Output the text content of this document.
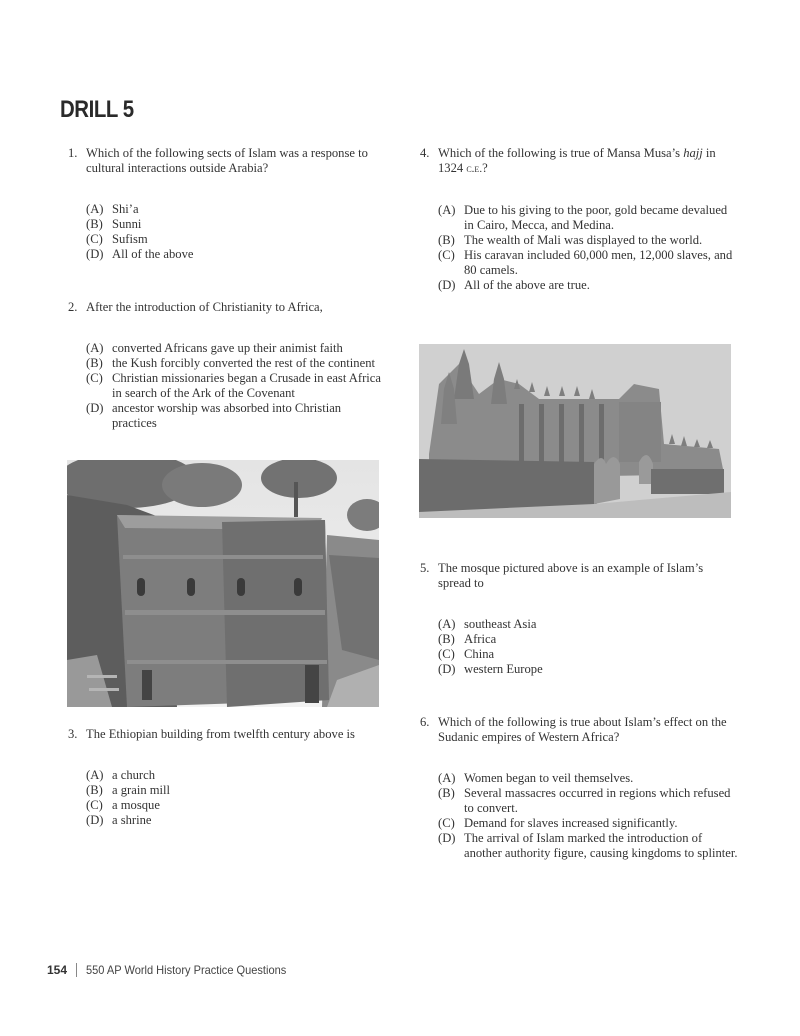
DRILL 5
1. Which of the following sects of Islam was a response to
cultural interactions outside Arabia?
(A) Shi’a
(B) Sunni
(C) Sufism
(D) All of the above
2. After the introduction of Christianity to Africa,
(A) converted Africans gave up their animist faith
(B) the Kush forcibly converted the rest of the continent
(C) Christian missionaries began a Crusade in east Africa
in search of the Ark of the Covenant
(D) ancestor worship was absorbed into Christian
practices
3. The Ethiopian building from twelfth century above is
(A) a church
(B) a grain mill
(C) a mosque
(D) a shrine
4. Which of the following is true of Mansa Musa’s hajj in
1324 c.e.?
(A) Due to his giving to the poor, gold became devalued
in Cairo, Mecca, and Medina.
(B) The wealth of Mali was displayed to the world.
(C) His caravan included 60,000 men, 12,000 slaves, and
80 camels.
(D) All of the above are true.
5. The mosque pictured above is an example of Islam’s
spread to
(A) southeast Asia
(B) Africa
(C) China
(D) western Europe
6. Which of the following is true about Islam’s effect on the
Sudanic empires of Western Africa?
(A) Women began to veil themselves.
(B) Several massacres occurred in regions which refused
to convert.
(C) Demand for slaves increased significantly.
(D) The arrival of Islam marked the introduction of
another authority figure, causing kingdoms to splinter.
154 550 AP World History Practice Questions
